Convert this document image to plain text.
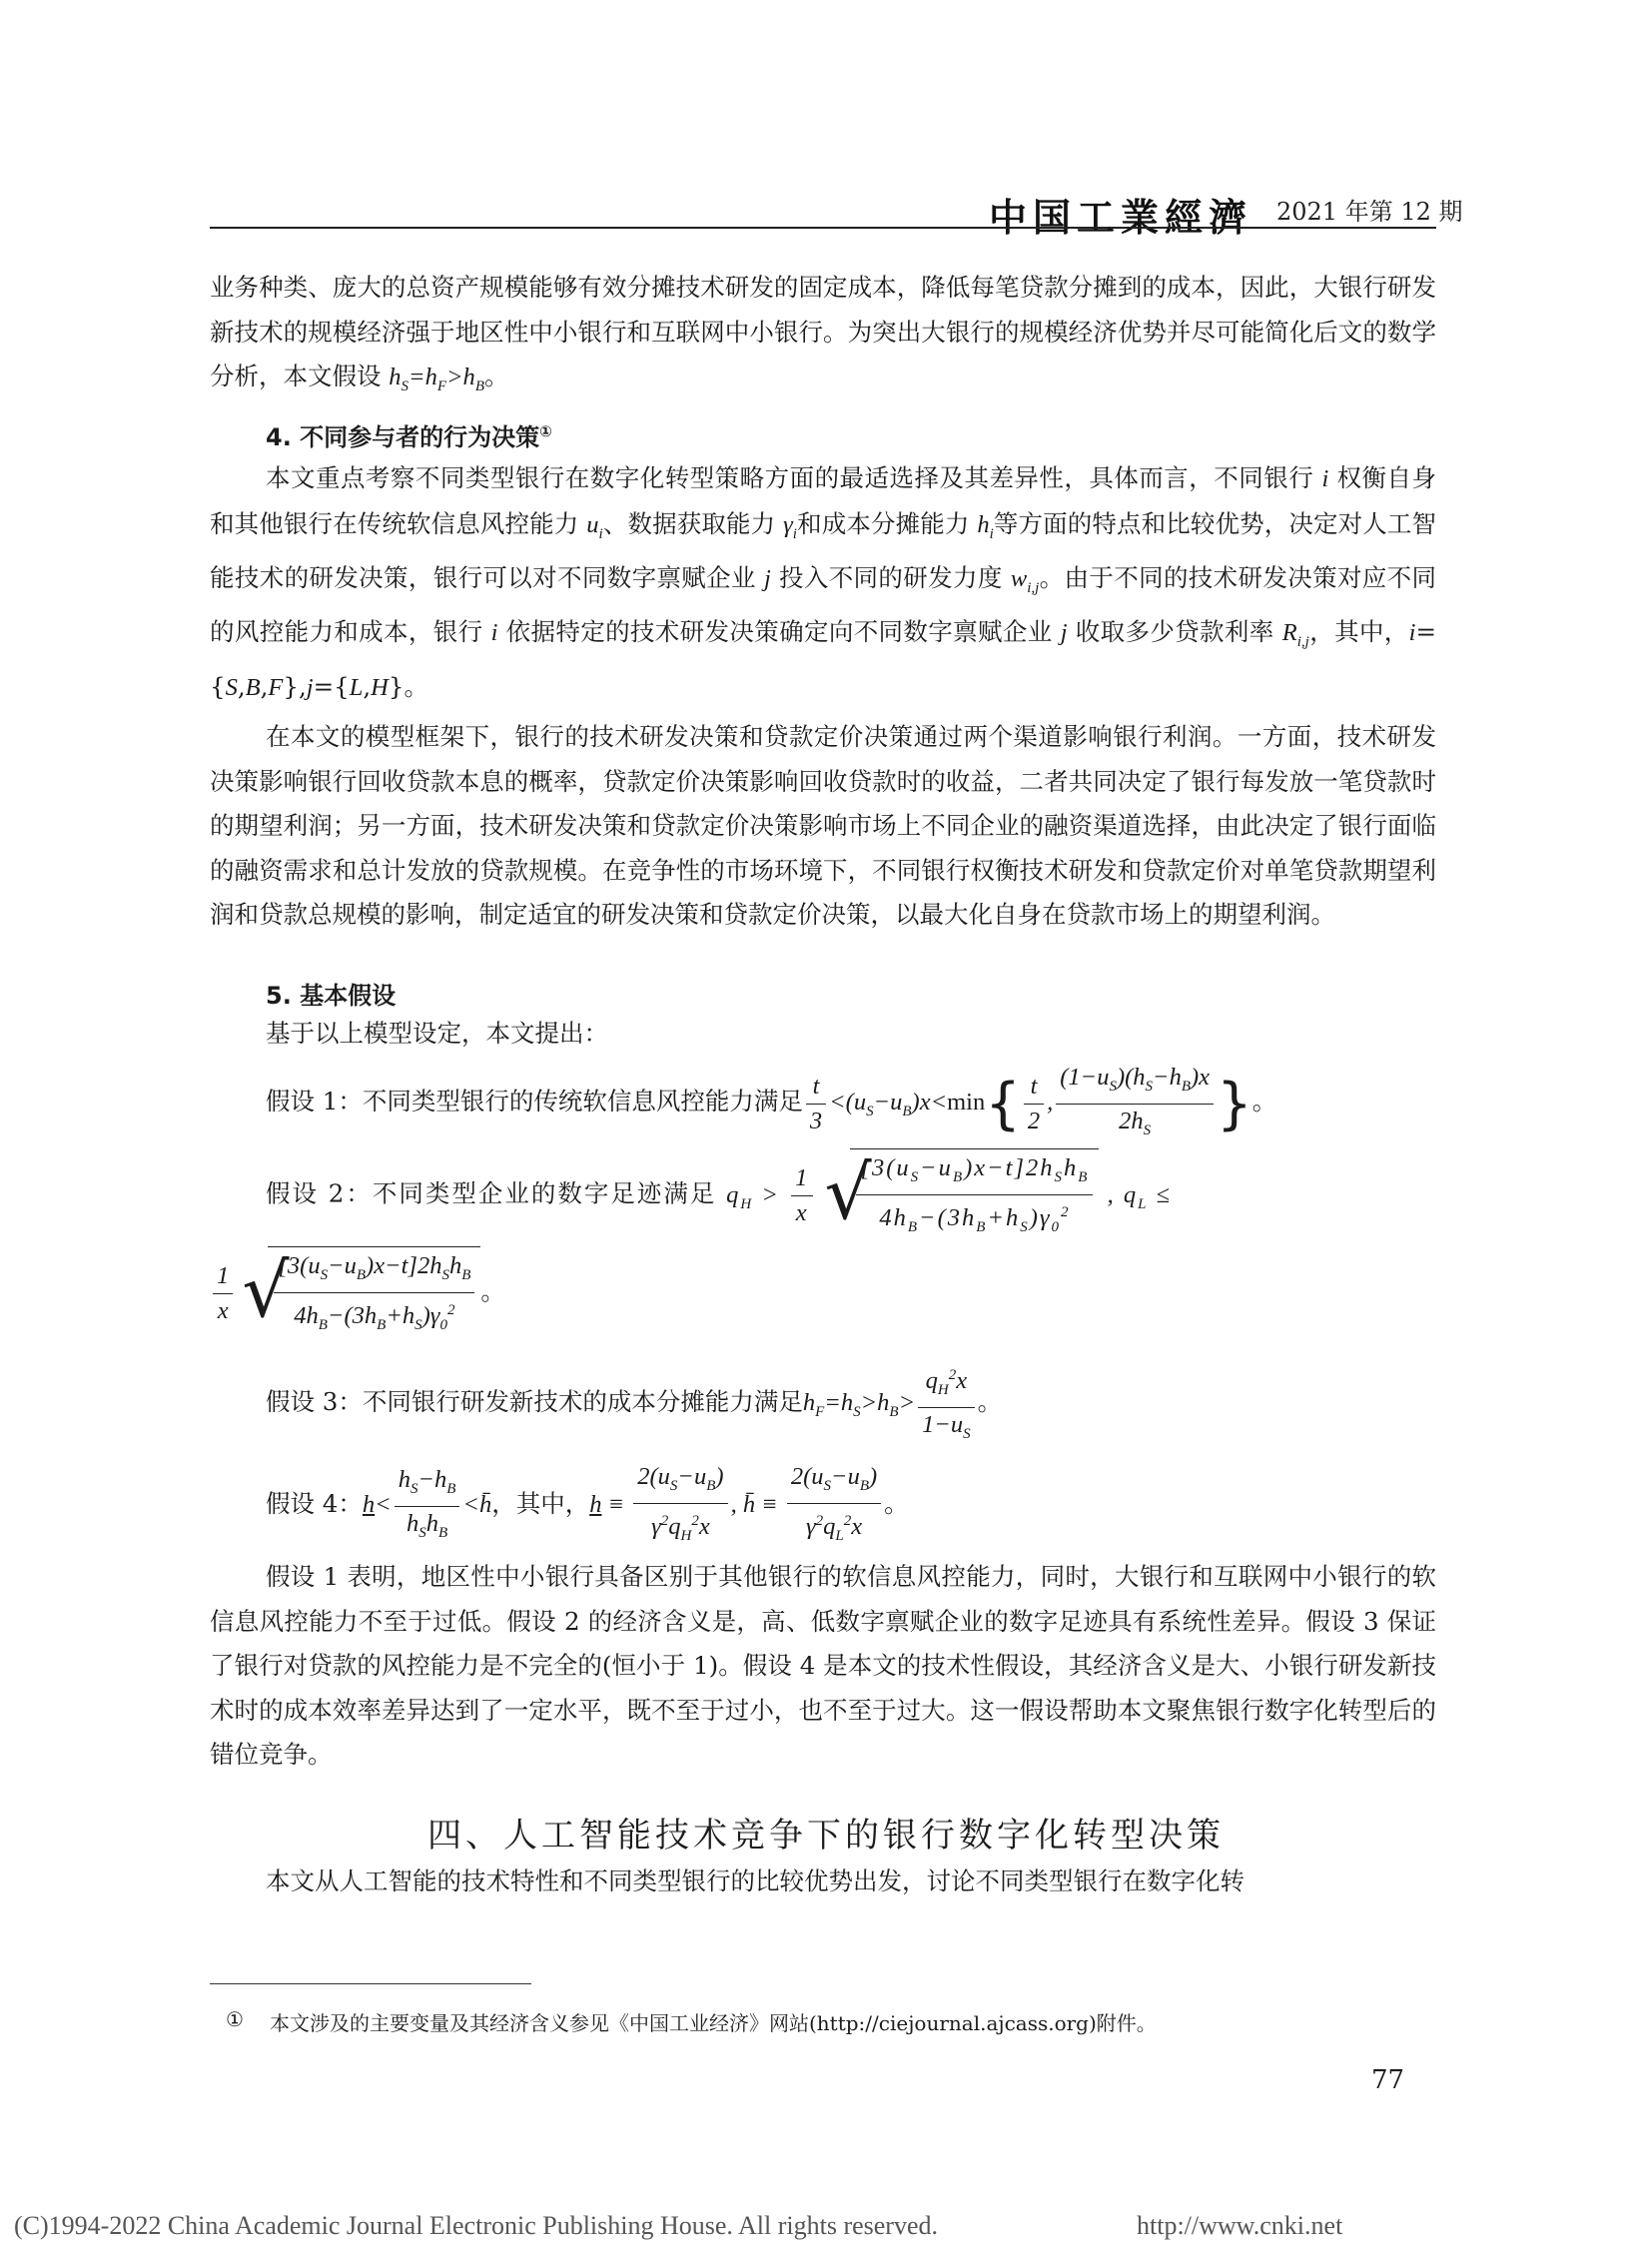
中国工業經濟 2021 年第 12 期

业务种类、庞大的总资产规模能够有效分摊技术研发的固定成本，降低每笔贷款分摊到的成本，因此，大银行研发新技术的规模经济强于地区性中小银行和互联网中小银行。为突出大银行的规模经济优势并尽可能简化后文的数学分析，本文假设 $h_S=h_F>h_B$。

4. 不同参与者的行为决策①

本文重点考察不同类型银行在数字化转型策略方面的最适选择及其差异性，具体而言，不同银行 i 权衡自身和其他银行在传统软信息风控能力 $u_i$、数据获取能力 $\gamma_i$和成本分摊能力 $h_i$等方面的特点和比较优势，决定对人工智能技术的研发决策，银行可以对不同数字禀赋企业 j 投入不同的研发力度 $w_{i,j}$。由于不同的技术研发决策对应不同的风控能力和成本，银行 i 依据特定的技术研发决策确定向不同数字禀赋企业 j 收取多少贷款利率 $R_{i,j}$，其中，i={S,B,F},j={L,H}。

在本文的模型框架下，银行的技术研发决策和贷款定价决策通过两个渠道影响银行利润。一方面，技术研发决策影响银行回收贷款本息的概率，贷款定价决策影响回收贷款时的收益，二者共同决定了银行每发放一笔贷款时的期望利润；另一方面，技术研发决策和贷款定价决策影响市场上不同企业的融资渠道选择，由此决定了银行面临的融资需求和总计发放的贷款规模。在竞争性的市场环境下，不同银行权衡技术研发和贷款定价对单笔贷款期望利润和贷款总规模的影响，制定适宜的研发决策和贷款定价决策，以最大化自身在贷款市场上的期望利润。

5. 基本假设
基于以上模型设定，本文提出：
假设 1：不同类型银行的传统软信息风控能力满足 $\frac{t}{3} <(u_S-u_B)x<\min\{ \frac{t}{2}$ , $\frac{(1-u_S)(h_S-h_B)x}{2h_S}$ }。
假设 2：不同类型企业的数字足迹满足 $q_H > \frac{1}{x}$
√
$\frac{[3(u_S-u_B)x-t]2h_Sh_B}{4h_B-(3h_B+h_S)\gamma_0^2}$ , $q_L$ ≤
$\frac{1}{x}$
√
$\frac{[3(u_S-u_B)x-t]2h_Sh_B}{4h_B-(3h_B+h_S)\gamma_0^2}$ 。
假设 3：不同银行研发新技术的成本分摊能力满足$h_F=h_S>h_B> \frac{q_H^2x}{1-u_S}$ 。
假设 4：$h< \frac{h_S-h_B}{h_Sh_B}$ <h̄，其中，$h \equiv \frac{2(u_S-u_B)}{\gamma^2q_H^2x}$ , h̄ ≡ $\frac{2(u_S-u_B)}{\gamma^2q_L^2x}$ 。

假设 1 表明，地区性中小银行具备区别于其他银行的软信息风控能力，同时，大银行和互联网中小银行的软信息风控能力不至于过低。假设 2 的经济含义是，高、低数字禀赋企业的数字足迹具有系统性差异。假设 3 保证了银行对贷款的风控能力是不完全的(恒小于 1)。假设 4 是本文的技术性假设，其经济含义是大、小银行研发新技术时的成本效率差异达到了一定水平，既不至于过小，也不至于过大。这一假设帮助本文聚焦银行数字化转型后的错位竞争。

四、人工智能技术竞争下的银行数字化转型决策

本文从人工智能的技术特性和不同类型银行的比较优势出发，讨论不同类型银行在数字化转

① 本文涉及的主要变量及其经济含义参见《中国工业经济》网站(http://ciejournal.ajcass.org)附件。
77
(C)1994-2022 China Academic Journal Electronic Publishing House. All rights reserved.	http://www.cnki.net
